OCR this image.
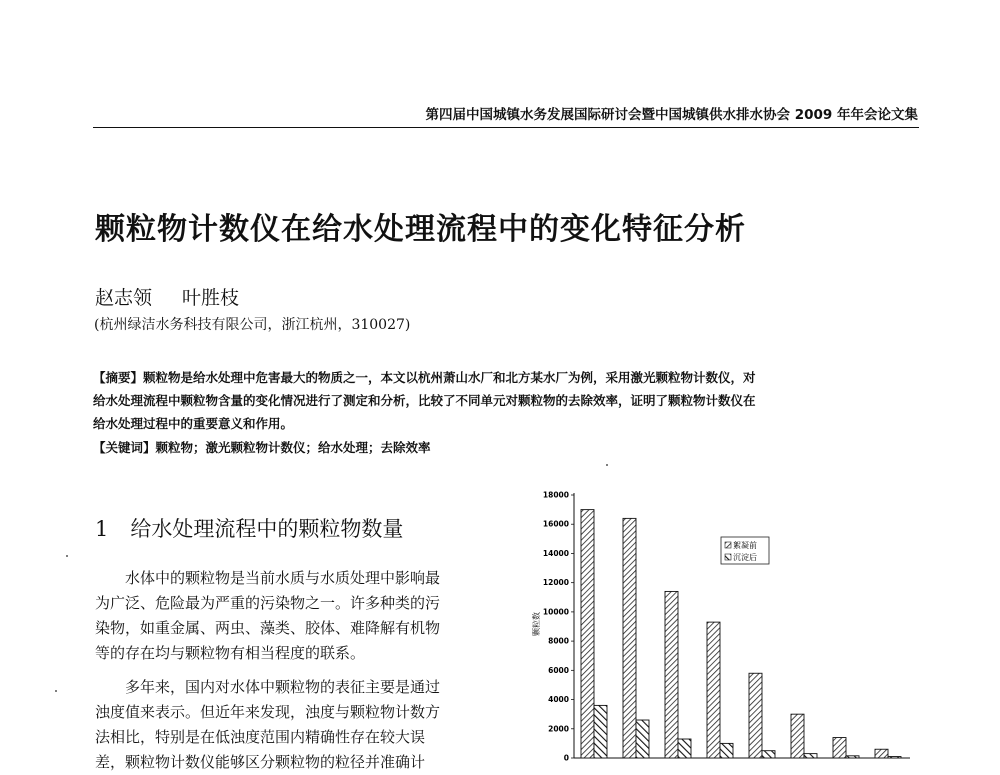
第四届中国城镇水务发展国际研讨会暨中国城镇供水排水协会 2009 年年会论文集
颗粒物计数仪在给水处理流程中的变化特征分析
赵志领 叶胜枝
(杭州绿洁水务科技有限公司，浙江杭州，310027)
【摘要】颗粒物是给水处理中危害最大的物质之一，本文以杭州萧山水厂和北方某水厂为例，采用激光颗粒物计数仪，对
给水处理流程中颗粒物含量的变化情况进行了测定和分析，比较了不同单元对颗粒物的去除效率，证明了颗粒物计数仪在
给水处理过程中的重要意义和作用。
【关键词】颗粒物；激光颗粒物计数仪；给水处理；去除效率
1 给水处理流程中的颗粒物数量

水体中的颗粒物是当前水质与水质处理中影响最

为广泛、危险最为严重的污染物之一。许多种类的污

染物，如重金属、两虫、藻类、胶体、难降解有机物

等的存在均与颗粒物有相当程度的联系。

多年来，国内对水体中颗粒物的表征主要是通过

浊度值来表示。但近年来发现，浊度与颗粒物计数方

法相比，特别是在低浊度范围内精确性存在较大误

差，颗粒物计数仪能够区分颗粒物的粒径并准确计	0
2000
4000
6000
8000
10000
12000
14000
16000
18000
颗粒数
絮凝前
沉淀后
